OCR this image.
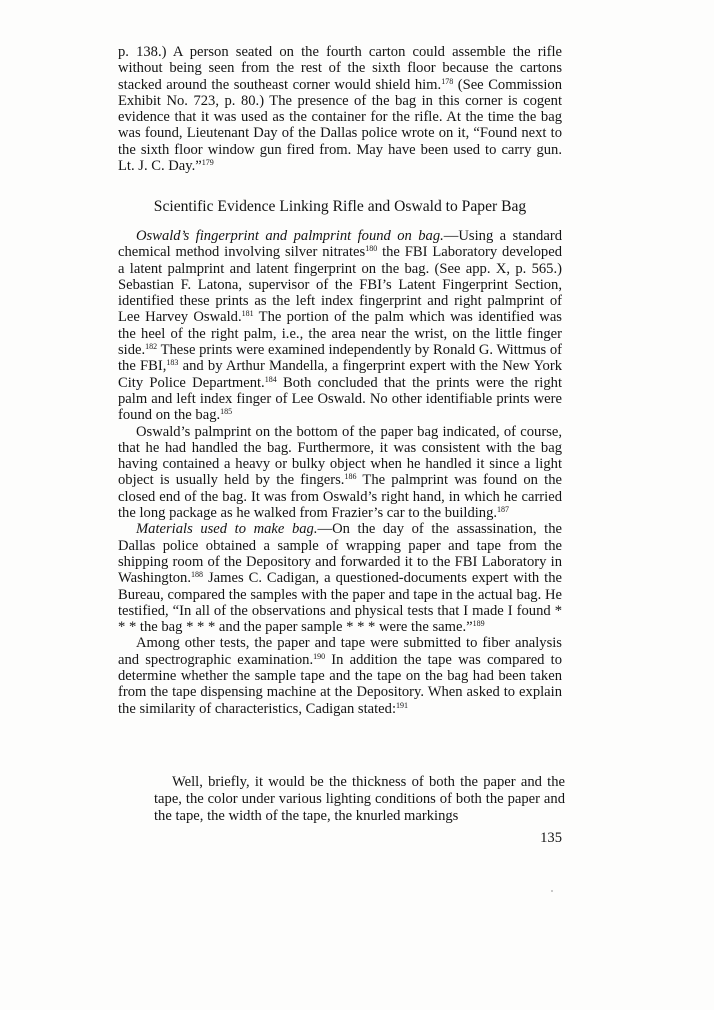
p. 138.) A person seated on the fourth carton could assemble the rifle without being seen from the rest of the sixth floor because the cartons stacked around the southeast corner would shield him.$^{178}$ (See Commission Exhibit No. 723, p. 80.) The presence of the bag in this corner is cogent evidence that it was used as the container for the rifle. At the time the bag was found, Lieutenant Day of the Dallas police wrote on it, “Found next to the sixth floor window gun fired from. May have been used to carry gun. Lt. J. C. Day.”$^{179}$

Scientific Evidence Linking Rifle and Oswald to Paper Bag

Oswald’s fingerprint and palmprint found on bag.—Using a standard chemical method involving silver nitrates$^{180}$ the FBI Laboratory developed a latent palmprint and latent fingerprint on the bag. (See app. X, p. 565.) Sebastian F. Latona, supervisor of the FBI’s Latent Fingerprint Section, identified these prints as the left index fingerprint and right palmprint of Lee Harvey Oswald.$^{181}$ The portion of the palm which was identified was the heel of the right palm, i.e., the area near the wrist, on the little finger side.$^{182}$ These prints were examined independently by Ronald G. Wittmus of the FBI,$^{183}$ and by Arthur Mandella, a fingerprint expert with the New York City Police Department.$^{184}$ Both concluded that the prints were the right palm and left index finger of Lee Oswald. No other identifiable prints were found on the bag.$^{185}$

Oswald’s palmprint on the bottom of the paper bag indicated, of course, that he had handled the bag. Furthermore, it was consistent with the bag having contained a heavy or bulky object when he handled it since a light object is usually held by the fingers.$^{186}$ The palmprint was found on the closed end of the bag. It was from Oswald’s right hand, in which he carried the long package as he walked from Frazier’s car to the building.$^{187}$

Materials used to make bag.—On the day of the assassination, the Dallas police obtained a sample of wrapping paper and tape from the shipping room of the Depository and forwarded it to the FBI Laboratory in Washington.$^{188}$ James C. Cadigan, a questioned-documents expert with the Bureau, compared the samples with the paper and tape in the actual bag. He testified, “In all of the observations and physical tests that I made I found * * * the bag * * * and the paper sample * * * were the same.”$^{189}$

Among other tests, the paper and tape were submitted to fiber analysis and spectrographic examination.$^{190}$ In addition the tape was compared to determine whether the sample tape and the tape on the bag had been taken from the tape dispensing machine at the Depository. When asked to explain the similarity of characteristics, Cadigan stated:$^{191}$

Well, briefly, it would be the thickness of both the paper and the tape, the color under various lighting conditions of both the paper and the tape, the width of the tape, the knurled markings

135
